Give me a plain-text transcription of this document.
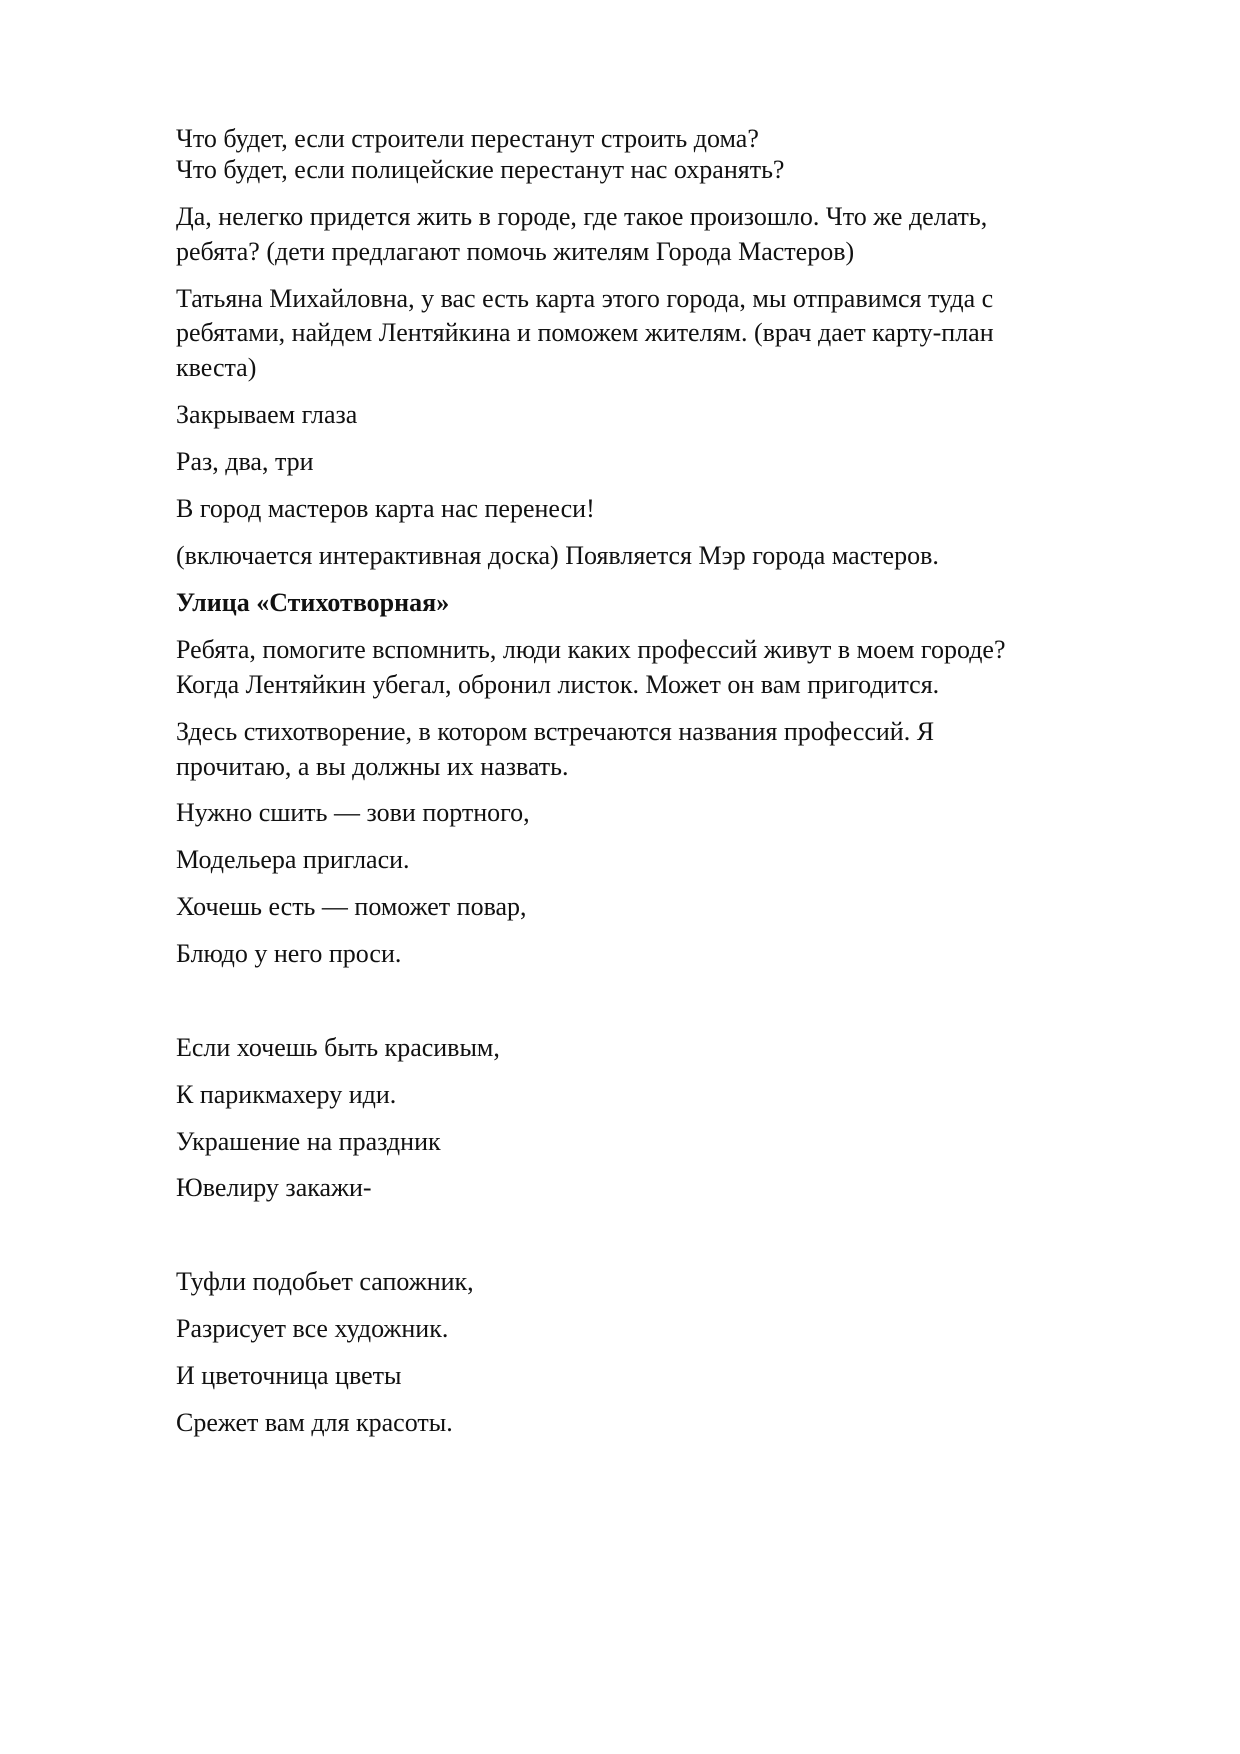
Что будет, если строители перестанут строить дома?
Что будет, если полицейские перестанут нас охранять?
Да, нелегко придется жить в городе, где такое произошло. Что же делать,
ребята? (дети предлагают помочь жителям Города Мастеров)
Татьяна Михайловна, у вас есть карта этого города, мы отправимся туда с
ребятами, найдем Лентяйкина и поможем жителям. (врач дает карту-план
квеста)
Закрываем глаза
Раз, два, три
В город мастеров карта нас перенеси!
(включается интерактивная доска) Появляется Мэр города мастеров.
Улица «Стихотворная»
Ребята, помогите вспомнить, люди каких профессий живут в моем городе?
Когда Лентяйкин убегал, обронил листок. Может он вам пригодится.
Здесь стихотворение, в котором встречаются названия профессий. Я
прочитаю, а вы должны их назвать.
Нужно сшить — зови портного,
Модельера пригласи.
Хочешь есть — поможет повар,
Блюдо у него проси.
Если хочешь быть красивым,
К парикмахеру иди.
Украшение на праздник
Ювелиру закажи-
Туфли подобьет сапожник,
Разрисует все художник.
И цветочница цветы
Срежет вам для красоты.
